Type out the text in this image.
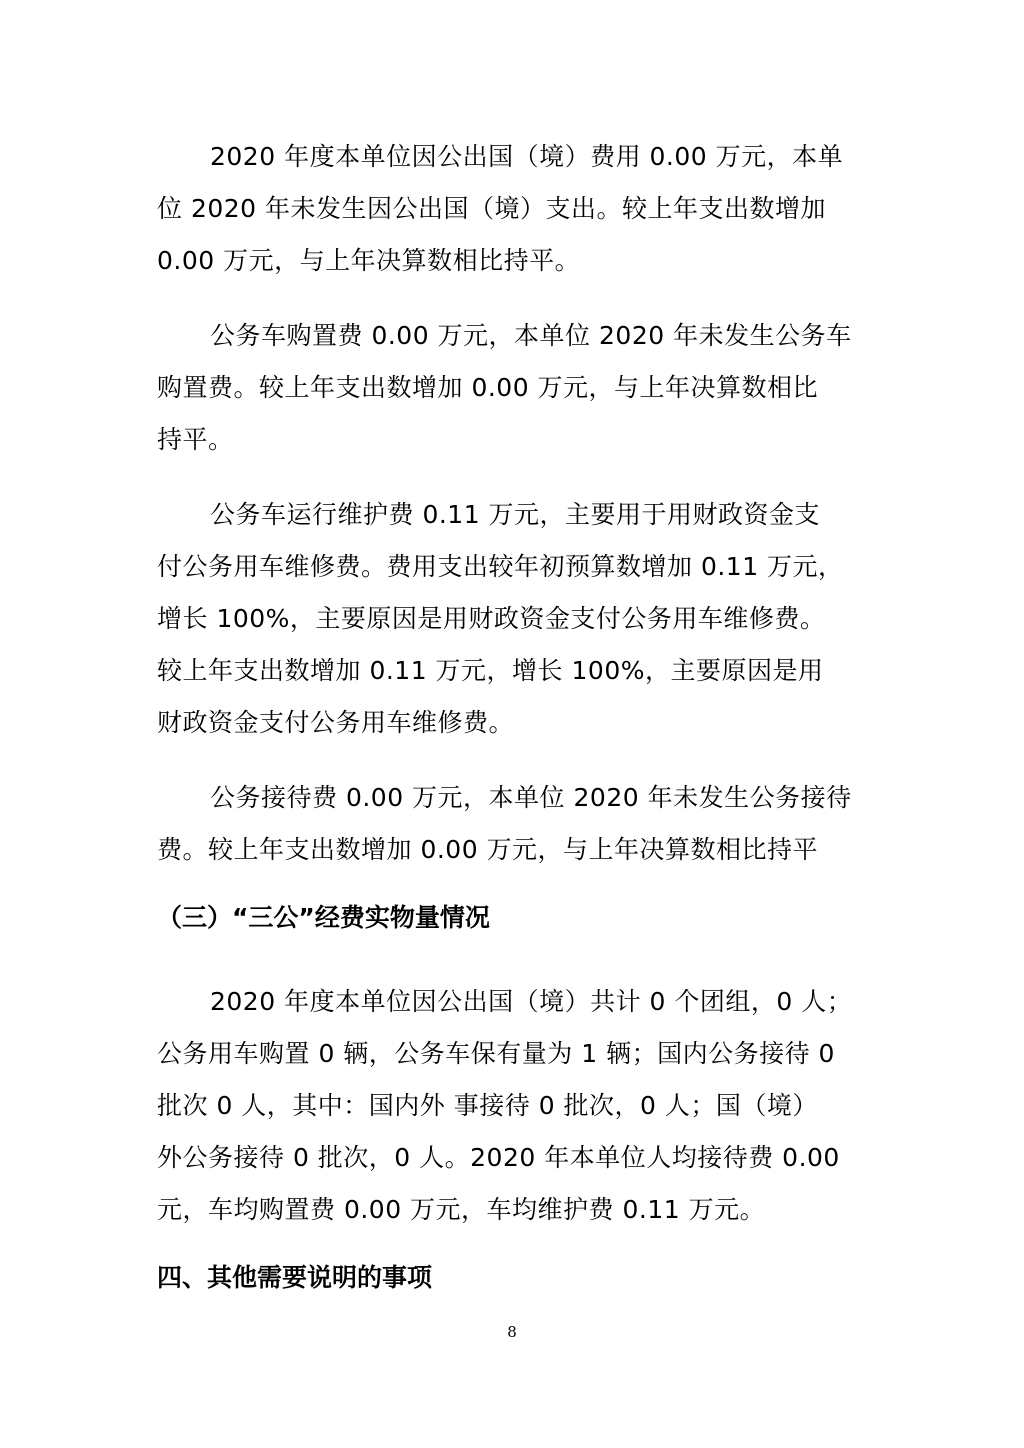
2020 年度本单位因公出国（境）费用 0.00 万元，本单
位 2020 年未发生因公出国（境）支出。较上年支出数增加
0.00 万元，与上年决算数相比持平。
公务车购置费 0.00 万元，本单位 2020 年未发生公务车
购置费。较上年支出数增加 0.00 万元，与上年决算数相比
持平。
公务车运行维护费 0.11 万元，主要用于用财政资金支
付公务用车维修费。费用支出较年初预算数增加 0.11 万元，
增长 100%，主要原因是用财政资金支付公务用车维修费。
较上年支出数增加 0.11 万元，增长 100%，主要原因是用
财政资金支付公务用车维修费。
公务接待费 0.00 万元，本单位 2020 年未发生公务接待
费。较上年支出数增加 0.00 万元，与上年决算数相比持平
（三）“三公”经费实物量情况
2020 年度本单位因公出国（境）共计 0 个团组，0 人；
公务用车购置 0 辆，公务车保有量为 1 辆；国内公务接待 0
批次 0 人，其中：国内外 事接待 0 批次，0 人；国（境）
外公务接待 0 批次，0 人。2020 年本单位人均接待费 0.00
元，车均购置费 0.00 万元，车均维护费 0.11 万元。
四、其他需要说明的事项
8
